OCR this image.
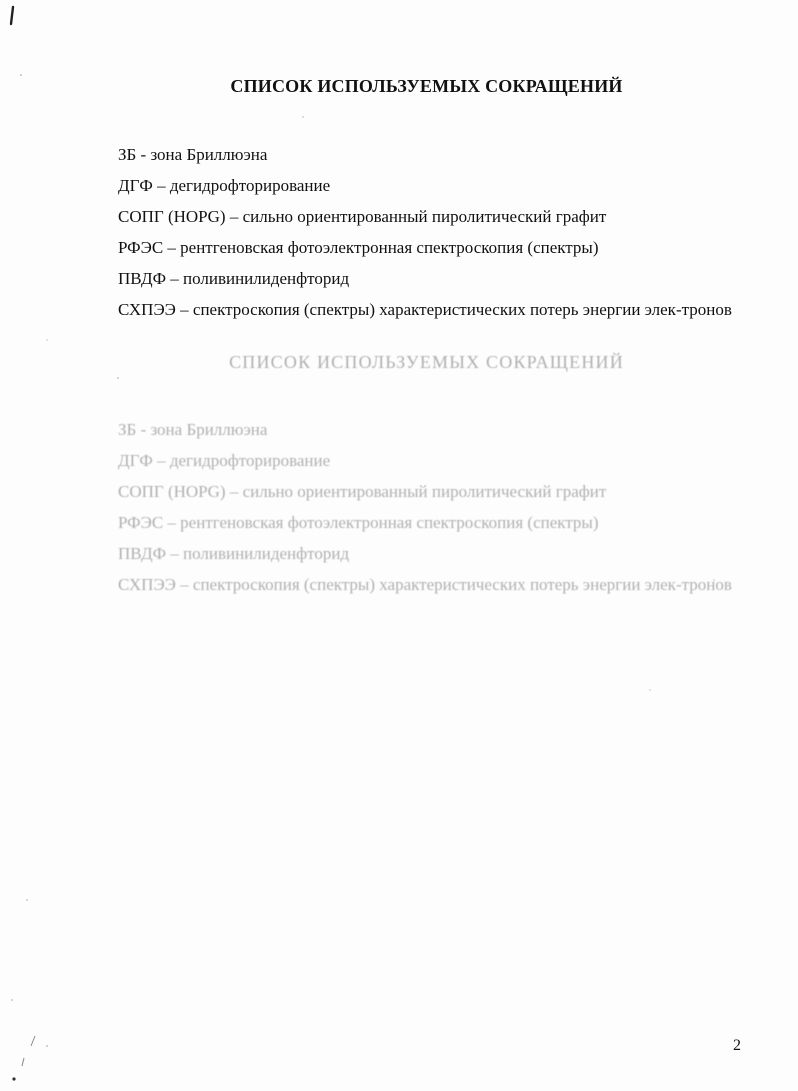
СПИСОК ИСПОЛЬЗУЕМЫХ СОКРАЩЕНИЙ
ЗБ - зона Бриллюэна
ДГФ – дегидрофторирование
СОПГ (HOPG) – сильно ориентированный пиролитический графит
РФЭС – рентгеновская фотоэлектронная спектроскопия (спектры)
ПВДФ – поливинилиденфторид
СХПЭЭ – спектроскопия (спектры) характеристических потерь энергии элек-тронов
СПИСОК ИСПОЛЬЗУЕМЫХ СОКРАЩЕНИЙ
ЗБ - зона Бриллюэна
ДГФ – дегидрофторирование
СОПГ (HOPG) – сильно ориентированный пиролитический графит
РФЭС – рентгеновская фотоэлектронная спектроскопия (спектры)
ПВДФ – поливинилиденфторид
СХПЭЭ – спектроскопия (спектры) характеристических потерь энергии элек-тронов
2
